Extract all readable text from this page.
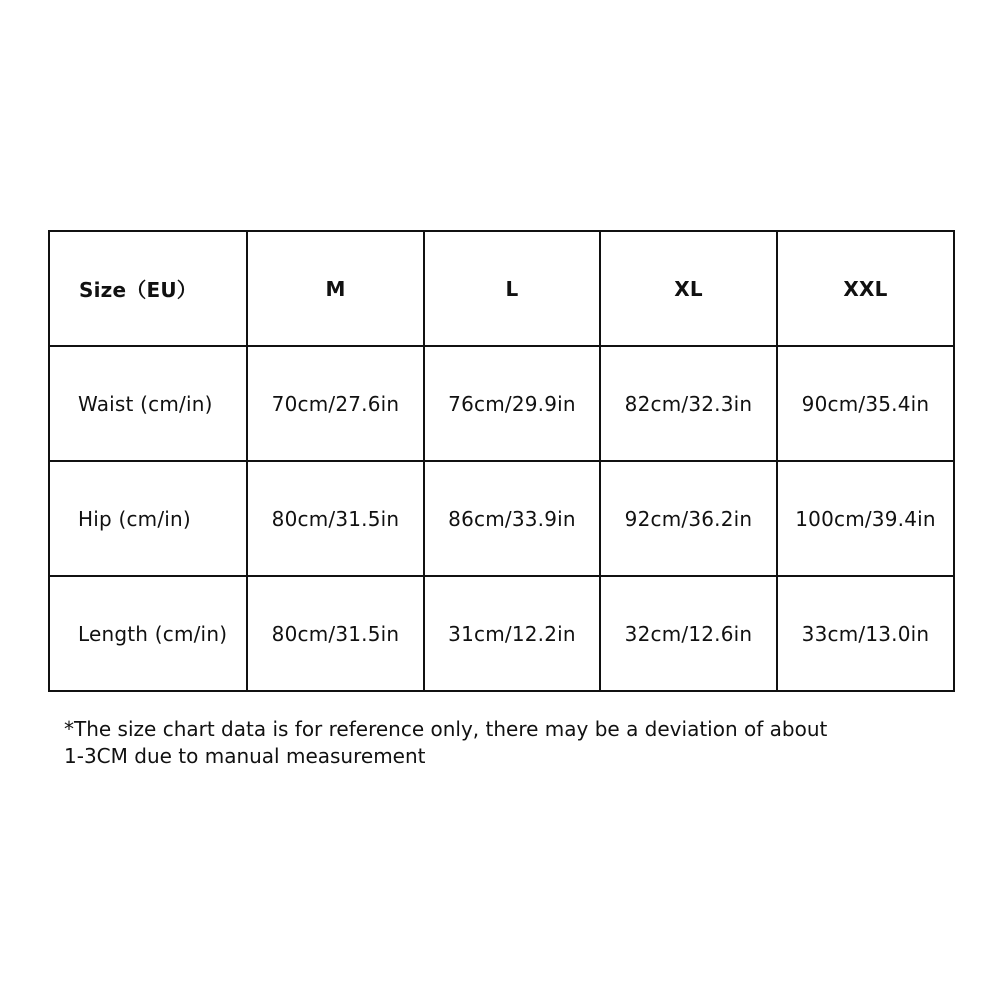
Size（EU）	M	L	XL	XXL
Waist (cm/in)	70cm/27.6in	76cm/29.9in	82cm/32.3in	90cm/35.4in
Hip (cm/in)	80cm/31.5in	86cm/33.9in	92cm/36.2in	100cm/39.4in
Length (cm/in)	80cm/31.5in	31cm/12.2in	32cm/12.6in	33cm/13.0in
*The size chart data is for reference only, there may be a deviation of about
1-3CM due to manual measurement
